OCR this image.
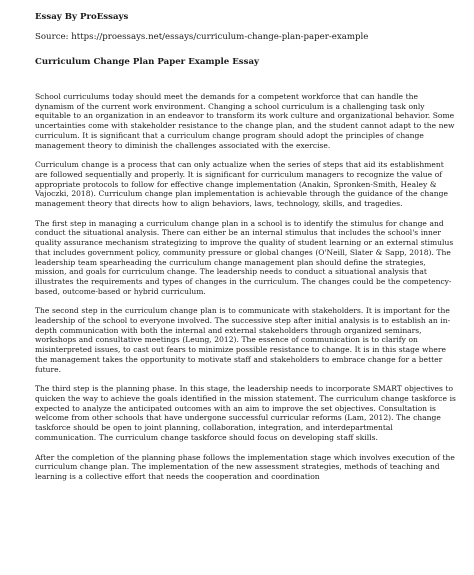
Essay By ProEssays
Source: https://proessays.net/essays/curriculum-change-plan-paper-example
Curriculum Change Plan Paper Example Essay

School curriculums today should meet the demands for a competent workforce that can handle the dynamism of the current work environment. Changing a school curriculum is a challenging task only equitable to an organization in an endeavor to transform its work culture and organizational behavior. Some uncertainties come with stakeholder resistance to the change plan, and the student cannot adapt to the new curriculum. It is significant that a curriculum change program should adopt the principles of change management theory to diminish the challenges associated with the exercise.

Curriculum change is a process that can only actualize when the series of steps that aid its establishment are followed sequentially and properly. It is significant for curriculum managers to recognize the value of appropriate protocols to follow for effective change implementation (Anakin, Spronken-Smith, Healey & Vajoczki, 2018). Curriculum change plan implementation is achievable through the guidance of the change management theory that directs how to align behaviors, laws, technology, skills, and tragedies.

The first step in managing a curriculum change plan in a school is to identify the stimulus for change and conduct the situational analysis. There can either be an internal stimulus that includes the school's inner quality assurance mechanism strategizing to improve the quality of student learning or an external stimulus that includes government policy, community pressure or global changes (O'Neill, Slater & Sapp, 2018). The leadership team spearheading the curriculum change management plan should define the strategies, mission, and goals for curriculum change. The leadership needs to conduct a situational analysis that illustrates the requirements and types of changes in the curriculum. The changes could be the competency-based, outcome-based or hybrid curriculum.

The second step in the curriculum change plan is to communicate with stakeholders. It is important for the leadership of the school to everyone involved. The successive step after initial analysis is to establish an in-depth communication with both the internal and external stakeholders through organized seminars, workshops and consultative meetings (Leung, 2012). The essence of communication is to clarify on misinterpreted issues, to cast out fears to minimize possible resistance to change. It is in this stage where the management takes the opportunity to motivate staff and stakeholders to embrace change for a better future.

The third step is the planning phase. In this stage, the leadership needs to incorporate SMART objectives to quicken the way to achieve the goals identified in the mission statement. The curriculum change taskforce is expected to analyze the anticipated outcomes with an aim to improve the set objectives. Consultation is welcome from other schools that have undergone successful curricular reforms (Lam, 2012). The change taskforce should be open to joint planning, collaboration, integration, and interdepartmental communication. The curriculum change taskforce should focus on developing staff skills.

After the completion of the planning phase follows the implementation stage which involves execution of the curriculum change plan. The implementation of the new assessment strategies, methods of teaching and learning is a collective effort that needs the cooperation and coordination
